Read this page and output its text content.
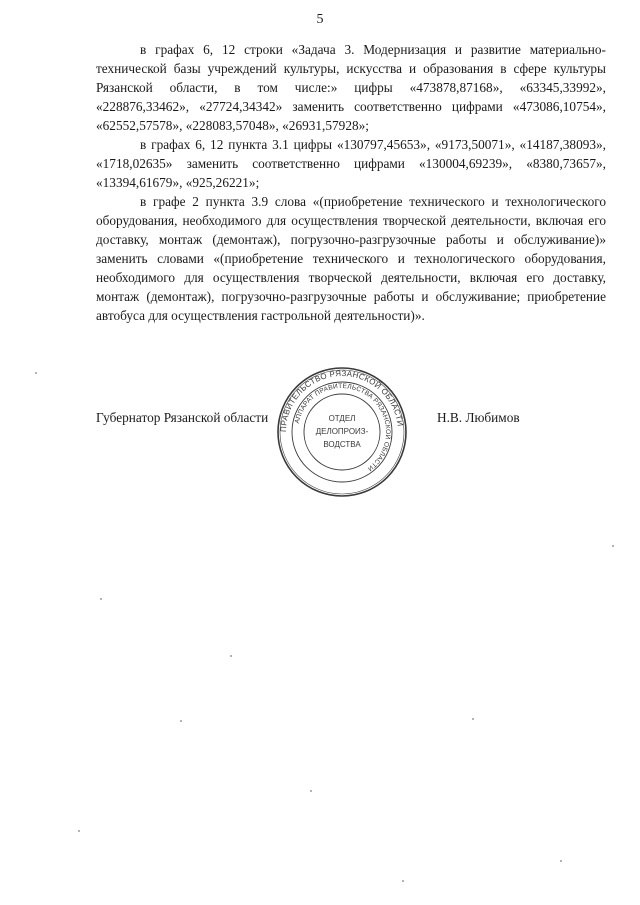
5

в графах 6, 12 строки «Задача 3. Модернизация и развитие материально-технической базы учреждений культуры, искусства и образования в сфере культуры Рязанской области, в том числе:» цифры «473878,87168», «63345,33992», «228876,33462», «27724,34342» заменить соответственно цифрами «473086,10754», «62552,57578», «228083,57048», «26931,57928»;

в графах 6, 12 пункта 3.1 цифры «130797,45653», «9173,50071», «14187,38093», «1718,02635» заменить соответственно цифрами «130004,69239», «8380,73657», «13394,61679», «925,26221»;

в графе 2 пункта 3.9 слова «(приобретение технического и технологического оборудования, необходимого для осуществления творческой деятельности, включая его доставку, монтаж (демонтаж), погрузочно-разгрузочные работы и обслуживание)» заменить словами «(приобретение технического и технологического оборудования, необходимого для осуществления творческой деятельности, включая его доставку, монтаж (демонтаж), погрузочно-разгрузочные работы и обслуживание; приобретение автобуса для осуществления гастрольной деятельности)».

Губернатор Рязанской области	Н.В. Любимов
ПРАВИТЕЛЬСТВО РЯЗАНСКОЙ ОБЛАСТИ
АППАРАТ ПРАВИТЕЛЬСТВА РЯЗАНСКОЙ ОБЛАСТИ
ОТДЕЛ
ДЕЛОПРОИЗ-
ВОДСТВА
